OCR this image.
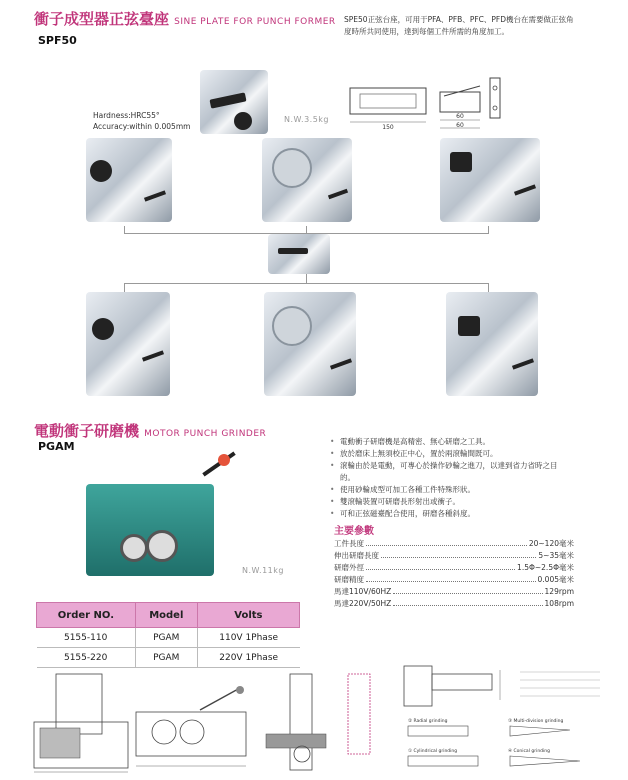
衝子成型器正弦臺座 SINE PLATE FOR PUNCH FORMER
SPF50
SPE50正弦台座，可用于PFA、PFB、PFC、PFD機台在需要做正弦角
度時所共同使用，達到每個工件所需的角度加工。
Hardness:HRC55°
Accuracy:within 0.005mm
N.W.3.5kg
150
60
60
電動衝子研磨機 MOTOR PUNCH GRINDER
PGAM
N.W.11kg
• 電動衝子研磨機是高精密、無心研磨之工具。
• 放於磨床上無須校正中心，置於兩滾輪間既可。
• 滾輪由於是電動，可專心於操作砂輪之進刀，以達到省力省時之目的。
• 使用砂輪成型可加工各種工件特殊形狀。
• 雙滾輪裝置可研磨長形射出或衝子。
• 可和正弦磁臺配合使用，研磨各種斜度。
主要參數
工件長度	20~120毫米
伸出研磨長度	5~35毫米
研磨外徑	1.5Φ~2.5Φ毫米
研磨精度	0.005毫米
馬達110V/60HZ	129rpm
馬達220V/50HZ	108rpm
Order NO.	Model	Volts
5155-110	PGAM	110V 1Phase
5155-220	PGAM	220V 1Phase
② Radial grinding	③ Multi-division grinding
① Cylindrical grinding	④ Conical grinding
